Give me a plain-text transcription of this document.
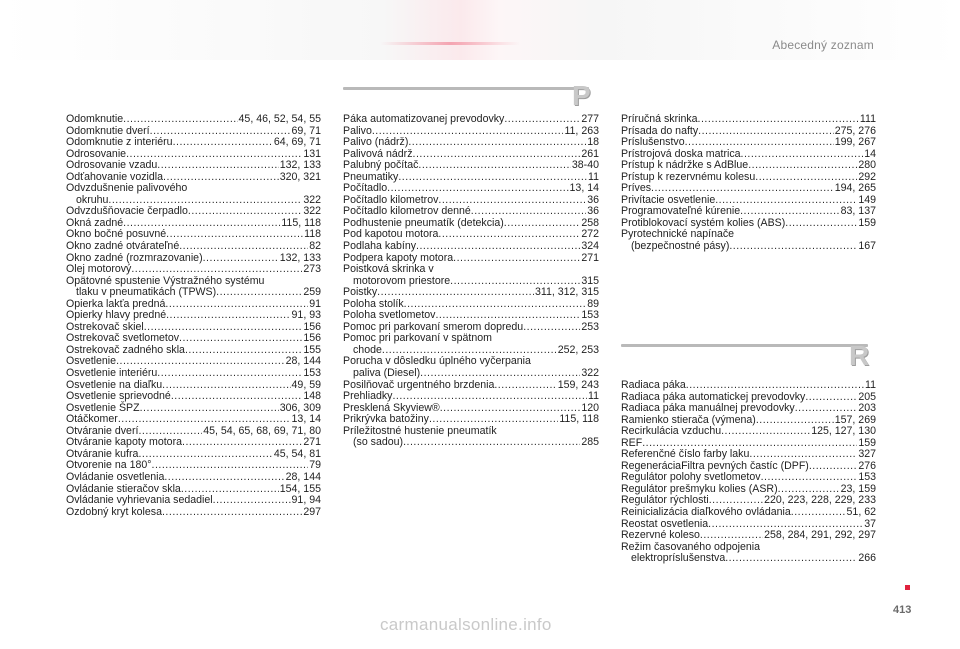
Abecedný zoznam
P
R
Odomknutie .....	45, 46, 52, 54, 55
Odomknutie dverí .....	69, 71
Odomknutie z interiéru .....	64, 69, 71
Odrosovanie .....	131
Odrosovanie vzadu .....	132, 133
Odťahovanie vozidla .....	320, 321
Odvzdušnenie palivového
okruhu .....	322
Odvzdušňovacie čerpadlo .....	322
Okná zadné .....	115, 118
Okno bočné posuvné .....	118
Okno zadné otvárateľné .....	82
Okno zadné (rozmrazovanie) .....	132, 133
Olej motorový .....	273
Opätovné spustenie Výstražného systému
tlaku v pneumatikách (TPWS) .....	259
Opierka lakťa predná .....	91
Opierky hlavy predné .....	91, 93
Ostrekovač skiel .....	156
Ostrekovač svetlometov .....	156
Ostrekovač zadného skla .....	155
Osvetlenie .....	28, 144
Osvetlenie interiéru .....	153
Osvetlenie na diaľku .....	49, 59
Osvetlenie sprievodné .....	148
Osvetlenie ŠPZ .....	306, 309
Otáčkomer .....	13, 14
Otváranie dverí .....	45, 54, 65, 68, 69, 71, 80
Otváranie kapoty motora .....	271
Otváranie kufra .....	45, 54, 81
Otvorenie na 180° .....	79
Ovládanie osvetlenia .....	28, 144
Ovládanie stieračov skla .....	154, 155
Ovládanie vyhrievania sedadiel .....	91, 94
Ozdobný kryt kolesa .....	297
Páka automatizovanej prevodovky .....	277
Palivo .....	11, 263
Palivo (nádrž) .....	18
Palivová nádrž .....	261
Palubný počítač .....	38-40
Pneumatiky .....	11
Počítadlo .....	13, 14
Počítadlo kilometrov .....	36
Počítadlo kilometrov denné .....	36
Podhustenie pneumatík (detekcia) .....	258
Pod kapotou motora .....	272
Podlaha kabíny .....	324
Podpera kapoty motora .....	271
Poistková skrinka v
motorovom priestore .....	315
Poistky .....	311, 312, 315
Poloha stolík .....	89
Poloha svetlometov .....	153
Pomoc pri parkovaní smerom dopredu .....	253
Pomoc pri parkovaní v spätnom
chode .....	252, 253
Porucha v dôsledku úplného vyčerpania
paliva (Diesel) .....	322
Posilňovač urgentného brzdenia .....	159, 243
Prehliadky .....	11
Presklená Skyview® .....	120
Prikrývka batožiny .....	115, 118
Príležitostné hustenie pneumatík
(so sadou) .....	285
Príručná skrinka .....	111
Prísada do nafty .....	275, 276
Príslušenstvo .....	199, 267
Prístrojová doska matrica .....	14
Prístup k nádržke s AdBlue .....	280
Prístup k rezervnému kolesu .....	292
Príves .....	194, 265
Privítacie osvetlenie .....	149
Programovateľné kúrenie .....	83, 137
Protiblokovací systém kolies (ABS) .....	159
Pyrotechnické napínače
(bezpečnostné pásy) .....	167
Radiaca páka .....	11
Radiaca páka automatickej prevodovky .....	205
Radiaca páka manuálnej prevodovky .....	203
Ramienko stierača (výmena) .....	157, 269
Recirkulácia vzduchu .....	125, 127, 130
REF .....	159
Referenčné číslo farby laku .....	327
RegeneráciaFiltra pevných častíc (DPF) .....	276
Regulátor polohy svetlometov .....	153
Regulátor prešmyku kolies (ASR) .....	23, 159
Regulátor rýchlosti .....	220, 223, 228, 229, 233
Reinicializácia diaľkového ovládania .....	51, 62
Reostat osvetlenia .....	37
Rezervné koleso .....	258, 284, 291, 292, 297
Režim časovaného odpojenia
elektropríslušenstva .....	266
413
carmanualsonline.info
